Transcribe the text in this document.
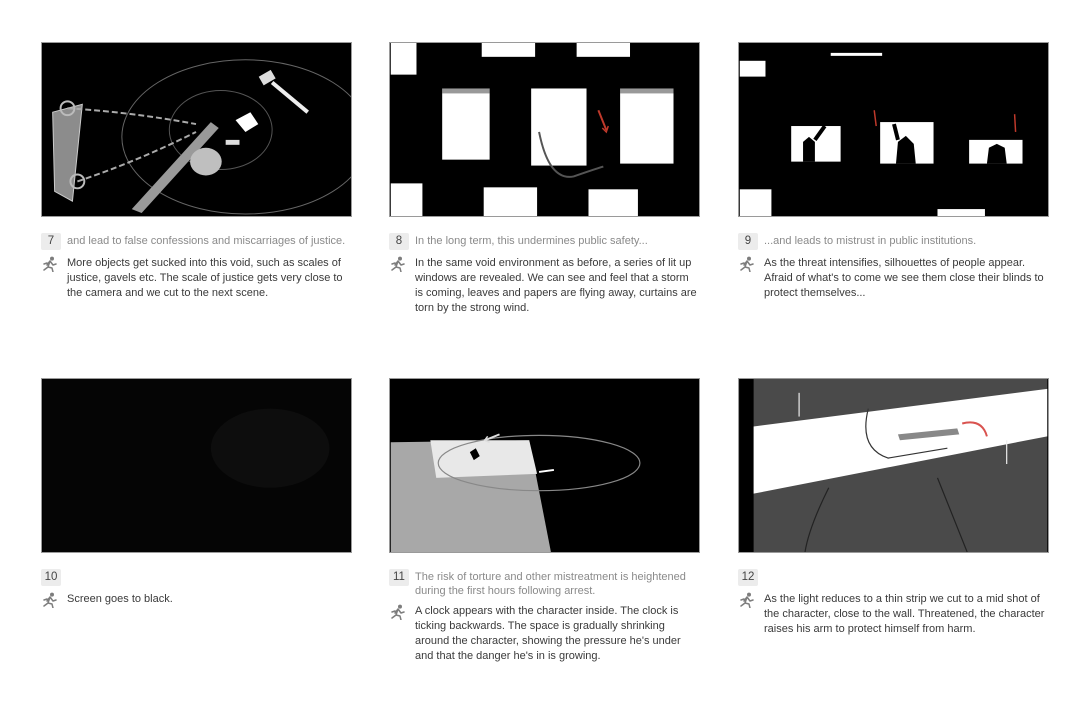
7	and lead to false confessions and miscarriages of justice.
More objects get sucked into this void, such as scales of justice, gavels etc. The scale of justice gets very close to the camera and we cut to the next scene.
8	In the long term, this undermines public safety...
In the same void environment as before, a series of lit up windows are revealed. We can see and feel that a storm is coming, leaves and papers are flying away, curtains are torn by the strong wind.
9	...and leads to mistrust in public institutions.
As the threat intensifies, silhouettes of people appear. Afraid of what's to come we see them close their blinds to protect themselves...
10
Screen goes to black.
11 The risk of torture and other mistreatment is heightened during the first hours following arrest.
A clock appears with the character inside. The clock is ticking backwards. The space is gradually shrinking around the character, showing the pressure he's under and that the danger he's in is growing.
12
As the light reduces to a thin strip we cut to a mid shot of the character, close to the wall. Threatened, the character raises his arm to protect himself from harm.
